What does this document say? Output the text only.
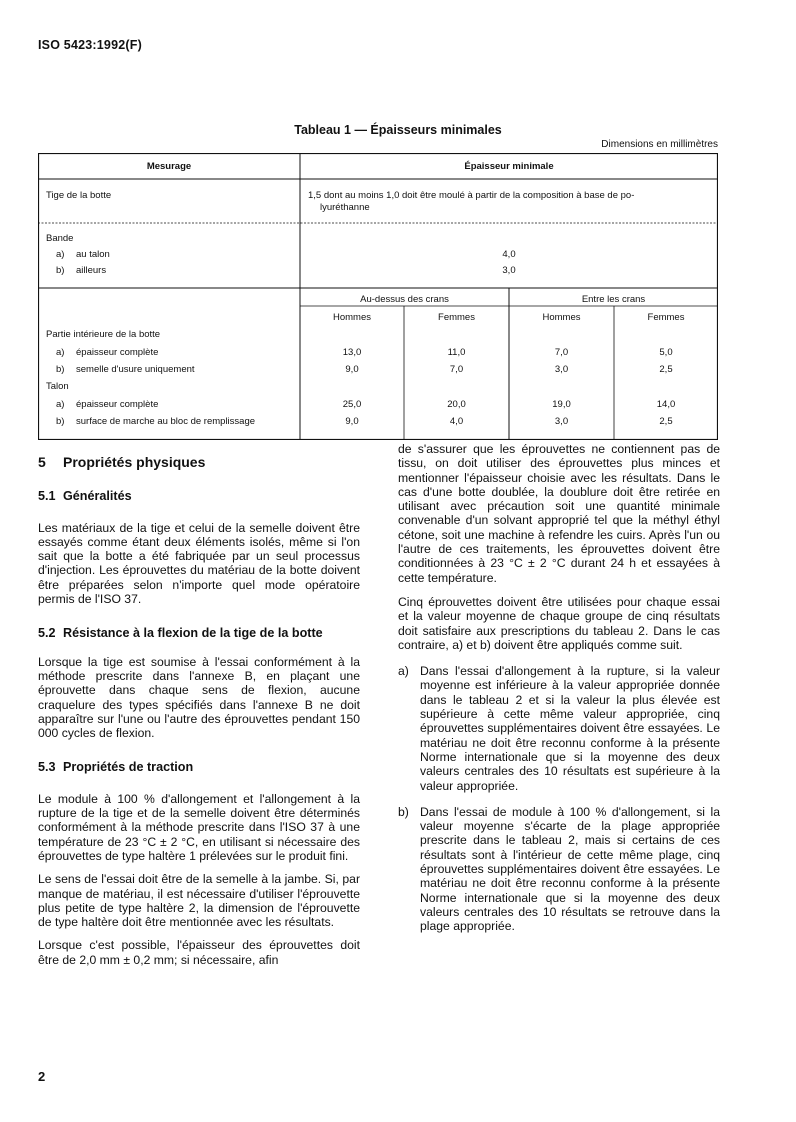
ISO 5423:1992(F)
Tableau 1 — Épaisseurs minimales
Dimensions en millimètres
Mesurage	Épaisseur minimale
Tige de la botte	1,5 dont au moins 1,0 doit être moulé à partir de la composition à base de po-
lyuréthanne
Bande
a) au talon	4,0
b) ailleurs	3,0
Au-dessus des crans	Entre les crans
Hommes	Femmes	Hommes	Femmes
Partie intérieure de la botte
a) épaisseur complète	13,0	11,0	7,0	5,0
b) semelle d'usure uniquement	9,0	7,0	3,0	2,5
Talon
a) épaisseur complète	25,0	20,0	19,0	14,0
b) surface de marche au bloc de remplissage	9,0	4,0	3,0	2,5
5 Propriétés physiques
5.1 Généralités

Les matériaux de la tige et celui de la semelle doivent être essayés comme étant deux éléments isolés, même si l'on sait que la botte a été fabriquée par un seul processus d'injection. Les éprouvettes du matériau de la botte doivent être préparées selon n'importe quel mode opératoire permis de l'ISO 37.

5.2 Résistance à la flexion de la tige de la botte

Lorsque la tige est soumise à l'essai conformément à la méthode prescrite dans l'annexe B, en plaçant une éprouvette dans chaque sens de flexion, aucune craquelure des types spécifiés dans l'annexe B ne doit apparaître sur l'une ou l'autre des éprouvettes pendant 150 000 cycles de flexion.

5.3 Propriétés de traction

Le module à 100 % d'allongement et l'allongement à la rupture de la tige et de la semelle doivent être déterminés conformément à la méthode prescrite dans l'ISO 37 à une température de 23 °C ± 2 °C, en utilisant si nécessaire des éprouvettes de type haltère 1 prélevées sur le produit fini.

Le sens de l'essai doit être de la semelle à la jambe. Si, par manque de matériau, il est nécessaire d'utiliser l'éprouvette plus petite de type haltère 2, la dimension de l'éprouvette de type haltère doit être mentionnée avec les résultats.

Lorsque c'est possible, l'épaisseur des éprouvettes doit être de 2,0 mm ± 0,2 mm; si nécessaire, afin

de s'assurer que les éprouvettes ne contiennent pas de tissu, on doit utiliser des éprouvettes plus minces et mentionner l'épaisseur choisie avec les résultats. Dans le cas d'une botte doublée, la doublure doit être retirée en utilisant avec précaution soit une quantité minimale convenable d'un solvant approprié tel que la méthyl éthyl cétone, soit une machine à refendre les cuirs. Après l'un ou l'autre de ces traitements, les éprouvettes doivent être conditionnées à 23 °C ± 2 °C durant 24 h et essayées à cette température.

Cinq éprouvettes doivent être utilisées pour chaque essai et la valeur moyenne de chaque groupe de cinq résultats doit satisfaire aux prescriptions du tableau 2. Dans le cas contraire, a) et b) doivent être appliqués comme suit.

a) Dans l'essai d'allongement à la rupture, si la valeur moyenne est inférieure à la valeur appropriée donnée dans le tableau 2 et si la valeur la plus élevée est supérieure à cette même valeur appropriée, cinq éprouvettes supplémentaires doivent être essayées. Le matériau ne doit être reconnu conforme à la présente Norme internationale que si la moyenne des deux valeurs centrales des 10 résultats est supérieure à la valeur appropriée.
b) Dans l'essai de module à 100 % d'allongement, si la valeur moyenne s'écarte de la plage appropriée prescrite dans le tableau 2, mais si certains de ces résultats sont à l'intérieur de cette même plage, cinq éprouvettes supplémentaires doivent être essayées. Le matériau ne doit être reconnu conforme à la présente Norme internationale que si la moyenne des deux valeurs centrales des 10 résultats se retrouve dans la plage appropriée.
2
